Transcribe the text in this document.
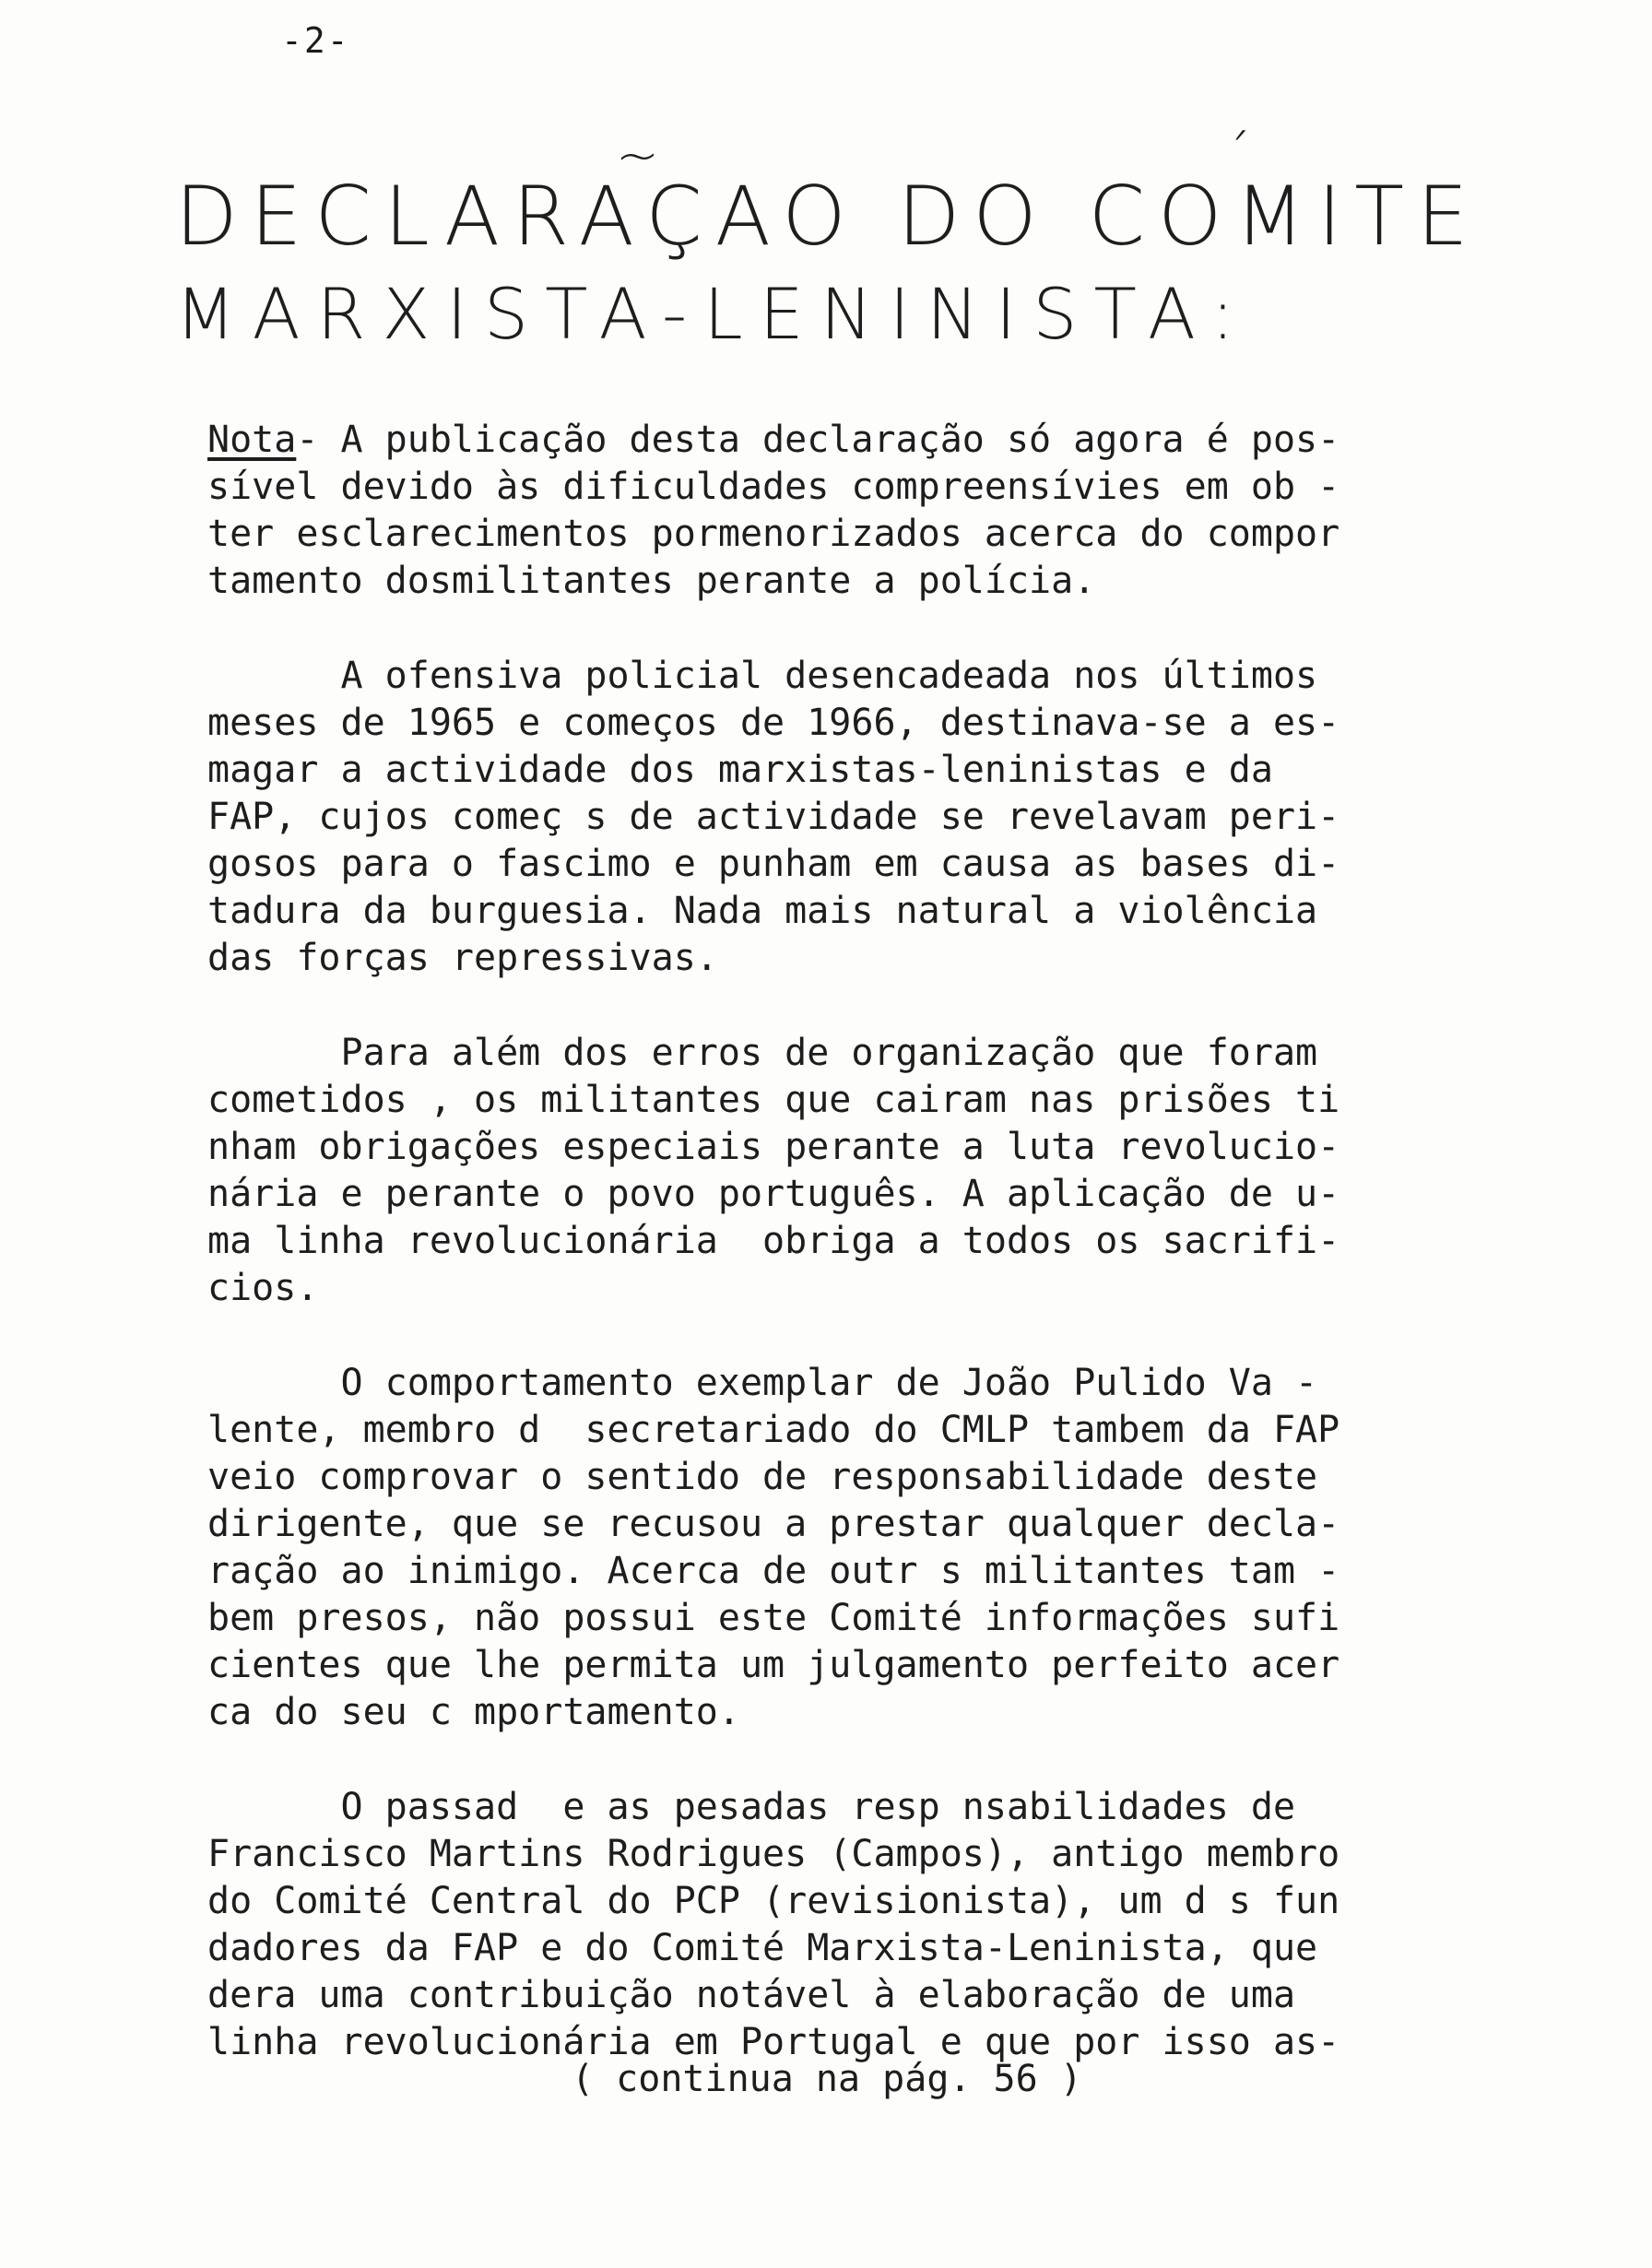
-2-
~	´
DECLARAÇAO DO COMITE
MARXISTA-LENINISTA:
Nota- A publicação desta declaração só agora é pos-
sível devido às dificuldades compreensívies em ob -
ter esclarecimentos pormenorizados acerca do compor
tamento dosmilitantes perante a polícia.
A ofensiva policial desencadeada nos últimos
meses de 1965 e começos de 1966, destinava-se a es-
magar a actividade dos marxistas-leninistas e da
FAP, cujos começ s de actividade se revelavam peri-
gosos para o fascimo e punham em causa as bases di-
tadura da burguesia. Nada mais natural a violência
das forças repressivas.
Para além dos erros de organização que foram
cometidos , os militantes que cairam nas prisões ti
nham obrigações especiais perante a luta revolucio-
nária e perante o povo português. A aplicação de u-
ma linha revolucionária  obriga a todos os sacrifi-
cios.
O comportamento exemplar de João Pulido Va -
lente, membro d  secretariado do CMLP tambem da FAP
veio comprovar o sentido de responsabilidade deste
dirigente, que se recusou a prestar qualquer decla-
ração ao inimigo. Acerca de outr s militantes tam -
bem presos, não possui este Comité informações sufi
cientes que lhe permita um julgamento perfeito acer
ca do seu c mportamento.
O passad  e as pesadas resp nsabilidades de
Francisco Martins Rodrigues (Campos), antigo membro
do Comité Central do PCP (revisionista), um d s fun
dadores da FAP e do Comité Marxista-Leninista, que
dera uma contribuição notável à elaboração de uma
linha revolucionária em Portugal e que por isso as-
( continua na pág. 56 )
